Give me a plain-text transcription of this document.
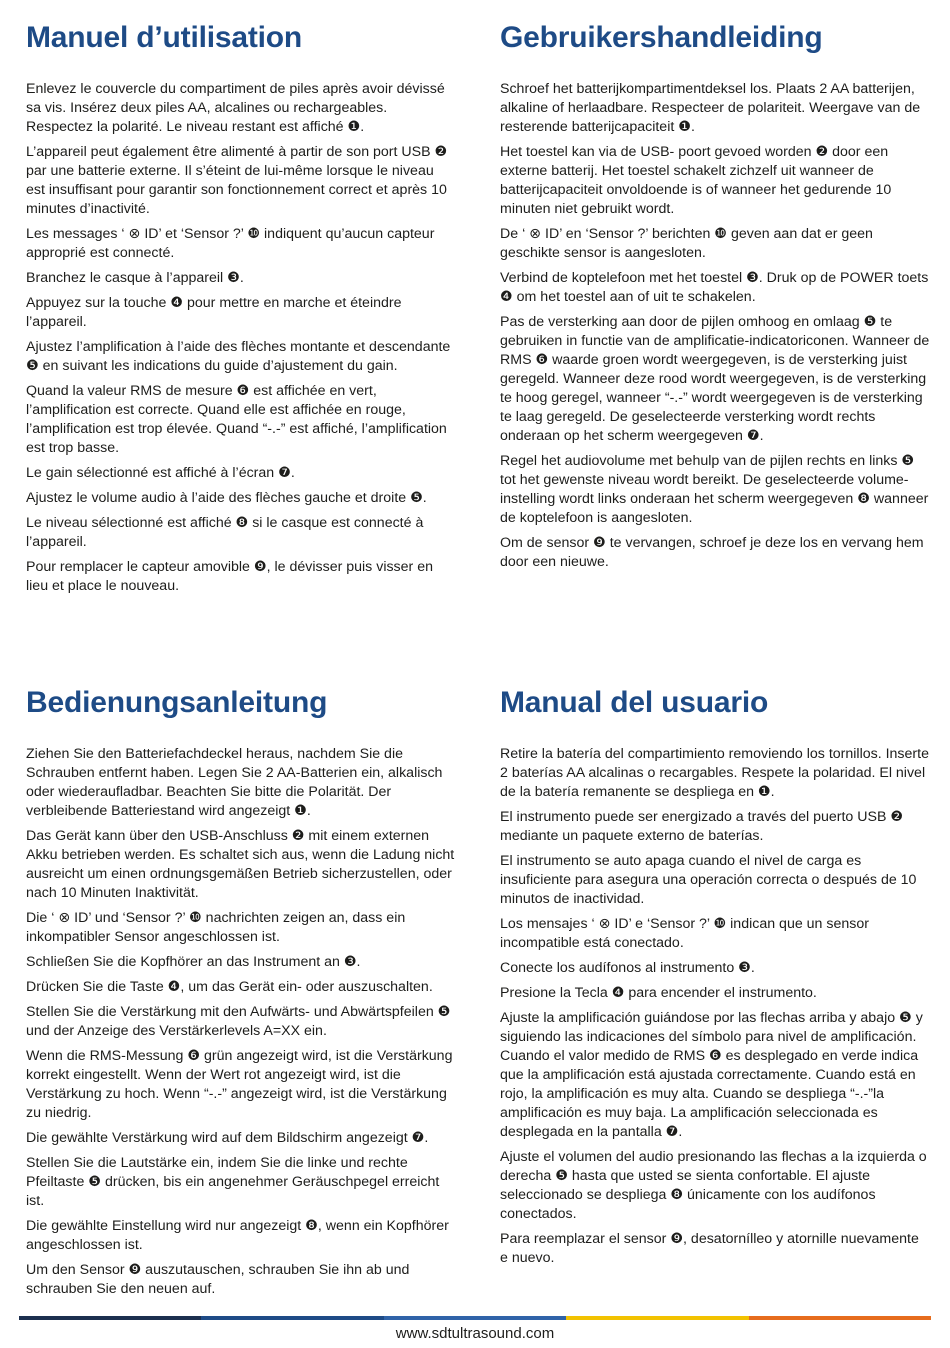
Manuel d’utilisation

Enlevez le couvercle du compartiment de piles après avoir dévissé sa vis. Insérez deux piles AA, alcalines ou rechargeables. Respectez la polarité. Le niveau restant est affiché ❶.

L’appareil peut également être alimenté à partir de son port USB ❷ par une batterie externe. Il s’éteint de lui-même lorsque le niveau est insuffisant pour garantir son fonctionnement correct et après 10 minutes d’inactivité.

Les messages ‘ ⊗ ID’ et ‘Sensor ?’ ❿ indiquent qu’aucun capteur approprié est connecté.

Branchez le casque à l’appareil ❸.

Appuyez sur la touche ❹ pour mettre en marche et éteindre l’appareil.

Ajustez l’amplification à l’aide des flèches montante et descendante ❺ en suivant les indications du guide d’ajustement du gain.

Quand la valeur RMS de mesure ❻ est affichée en vert, l’amplification est correcte. Quand elle est affichée en rouge, l’amplification est trop élevée. Quand “-.-” est affiché, l’amplification est trop basse.

Le gain sélectionné est affiché à l’écran ❼.

Ajustez le volume audio à l’aide des flèches gauche et droite ❺.

Le niveau sélectionné est affiché ❽ si le casque est connecté à l’appareil.

Pour remplacer le capteur amovible ❾, le dévisser puis visser en lieu et place le nouveau.

Gebruikershandleiding

Schroef het batterijkompartimentdeksel los. Plaats 2 AA batterijen, alkaline of herlaadbare. Respecteer de polariteit. Weergave van de resterende batterijcapaciteit ❶.

Het toestel kan via de USB- poort gevoed worden ❷ door een externe batterij. Het toestel schakelt zichzelf uit wanneer de batterijcapaciteit onvoldoende is of wanneer het gedurende 10 minuten niet gebruikt wordt.

De ‘ ⊗ ID’ en ‘Sensor ?’ berichten ❿ geven aan dat er geen geschikte sensor is aangesloten.

Verbind de koptelefoon met het toestel ❸. Druk op de POWER toets ❹ om het toestel aan of uit te schakelen.

Pas de versterking aan door de pijlen omhoog en omlaag ❺ te gebruiken in functie van de amplificatie-indicatoriconen. Wanneer de RMS ❻ waarde groen wordt weergegeven, is de versterking juist geregeld. Wanneer deze rood wordt weergegeven, is de versterking te hoog geregel, wanneer “-.-” wordt weergegeven is de versterking te laag geregeld. De geselecteerde versterking wordt rechts onderaan op het scherm weergegeven ❼.

Regel het audiovolume met behulp van de pijlen rechts en links ❺ tot het gewenste niveau wordt bereikt. De geselecteerde volume-instelling wordt links onderaan het scherm weergegeven ❽ wanneer de koptelefoon is aangesloten.

Om de sensor ❾ te vervangen, schroef je deze los en vervang hem door een nieuwe.

Bedienungsanleitung

Ziehen Sie den Batteriefachdeckel heraus, nachdem Sie die Schrauben entfernt haben. Legen Sie 2 AA-Batterien ein, alkalisch oder wiederaufladbar. Beachten Sie bitte die Polarität. Der verbleibende Batteriestand wird angezeigt ❶.

Das Gerät kann über den USB-Anschluss ❷ mit einem externen Akku betrieben werden. Es schaltet sich aus, wenn die Ladung nicht ausreicht um einen ordnungsgemäßen Betrieb sicherzustellen, oder nach 10 Minuten Inaktivität.

Die ‘ ⊗ ID’ und ‘Sensor ?’ ❿ nachrichten zeigen an, dass ein inkompatibler Sensor angeschlossen ist.

Schließen Sie die Kopfhörer an das Instrument an ❸.

Drücken Sie die Taste ❹, um das Gerät ein- oder auszuschalten.

Stellen Sie die Verstärkung mit den Aufwärts- und Abwärtspfeilen ❺ und der Anzeige des Verstärkerlevels A=XX ein.

Wenn die RMS-Messung ❻ grün angezeigt wird, ist die Verstärkung korrekt eingestellt. Wenn der Wert rot angezeigt wird, ist die Verstärkung zu hoch. Wenn “-.-” angezeigt wird, ist die Verstärkung zu niedrig.

Die gewählte Verstärkung wird auf dem Bildschirm angezeigt ❼.

Stellen Sie die Lautstärke ein, indem Sie die linke und rechte Pfeiltaste ❺ drücken, bis ein angenehmer Geräuschpegel erreicht ist.

Die gewählte Einstellung wird nur angezeigt ❽, wenn ein Kopfhörer angeschlossen ist.

Um den Sensor ❾ auszutauschen, schrauben Sie ihn ab und schrauben Sie den neuen auf.

Manual del usuario

Retire la batería del compartimiento removiendo los tornillos. Inserte 2 baterías AA alcalinas o recargables. Respete la polaridad. El nivel de la batería remanente se despliega en ❶.

El instrumento puede ser energizado a través del puerto USB ❷ mediante un paquete externo de baterías.

El instrumento se auto apaga cuando el nivel de carga es insuficiente para asegura una operación correcta o después de 10 minutos de inactividad.

Los mensajes ‘ ⊗ ID’ e ‘Sensor ?’ ❿ indican que un sensor incompatible está conectado.

Conecte los audífonos al instrumento ❸.

Presione la Tecla ❹ para encender el instrumento.

Ajuste la amplificación guiándose por las flechas arriba y abajo ❺ y siguiendo las indicaciones del símbolo para nivel de amplificación. Cuando el valor medido de RMS ❻ es desplegado en verde indica que la amplificación está ajustada correctamente. Cuando está en rojo, la amplificación es muy alta. Cuando se despliega “-.-”la amplificación es muy baja. La amplificación seleccionada es desplegada en la pantalla ❼.

Ajuste el volumen del audio presionando las flechas a la izquierda o derecha ❺ hasta que usted se sienta confortable. El ajuste seleccionado se despliega ❽ únicamente con los audífonos conectados.

Para reemplazar el sensor ❾, desatornílleo y atornille nuevamente e nuevo.

www.sdtultrasound.com
